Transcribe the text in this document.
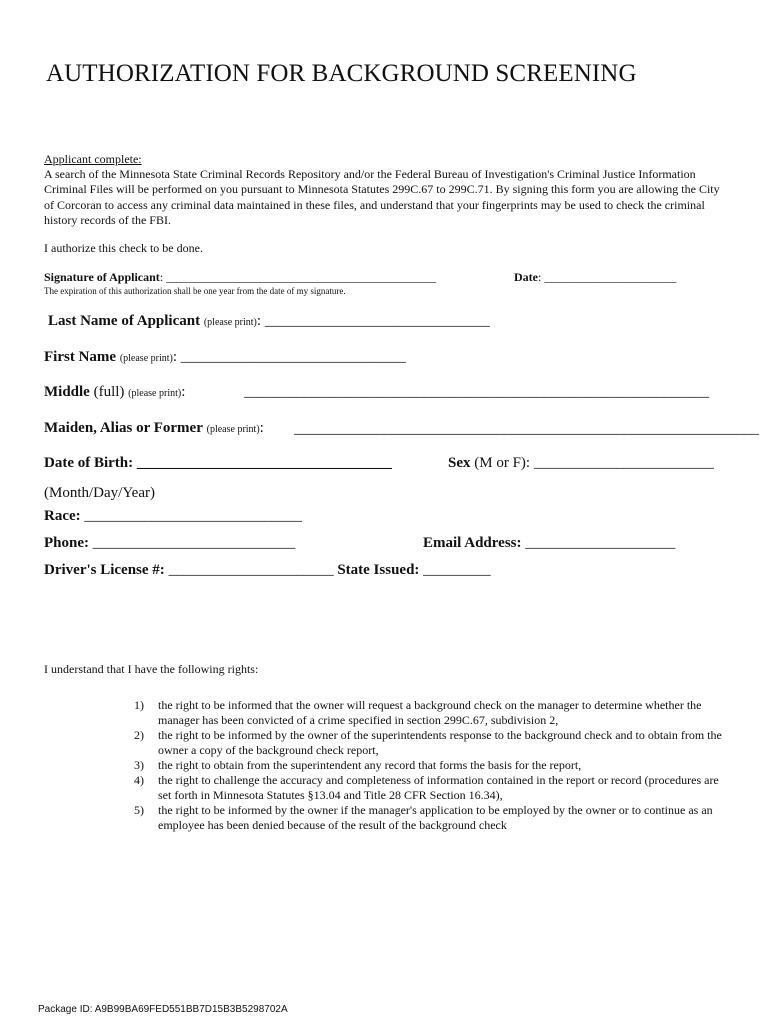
AUTHORIZATION FOR BACKGROUND SCREENING
Applicant complete:
A search of the Minnesota State Criminal Records Repository and/or the Federal Bureau of Investigation's Criminal Justice Information Criminal Files will be performed on you pursuant to Minnesota Statutes 299C.67 to 299C.71. By signing this form you are allowing the City of Corcoran to access any criminal data maintained in these files, and understand that your fingerprints may be used to check the criminal history records of the FBI.
I authorize this check to be done.
Signature of Applicant: _____________________________________________	Date: ______________________
The expiration of this authorization shall be one year from the date of my signature.
Last Name of Applicant (please print): ______________________________
First Name (please print): ______________________________
Middle (full) (please print):	______________________________________________________________
Maiden, Alias or Former (please print): ______________________________________________________________
Date of Birth: __________________________________	Sex (M or F): ________________________
(Month/Day/Year)
Race: _____________________________
Phone: ___________________________	Email Address: ____________________
Driver's License #: ______________________ State Issued: _________
I understand that I have the following rights:
1)	the right to be informed that the owner will request a background check on the manager to determine whether the manager has been convicted of a crime specified in section 299C.67, subdivision 2,
2)	the right to be informed by the owner of the superintendents response to the background check and to obtain from the owner a copy of the background check report,
3)	the right to obtain from the superintendent any record that forms the basis for the report,
4)	the right to challenge the accuracy and completeness of information contained in the report or record (procedures are set forth in Minnesota Statutes §13.04 and Title 28 CFR Section 16.34),
5)	the right to be informed by the owner if the manager's application to be employed by the owner or to continue as an employee has been denied because of the result of the background check
Package ID: A9B99BA69FED551BB7D15B3B5298702A
